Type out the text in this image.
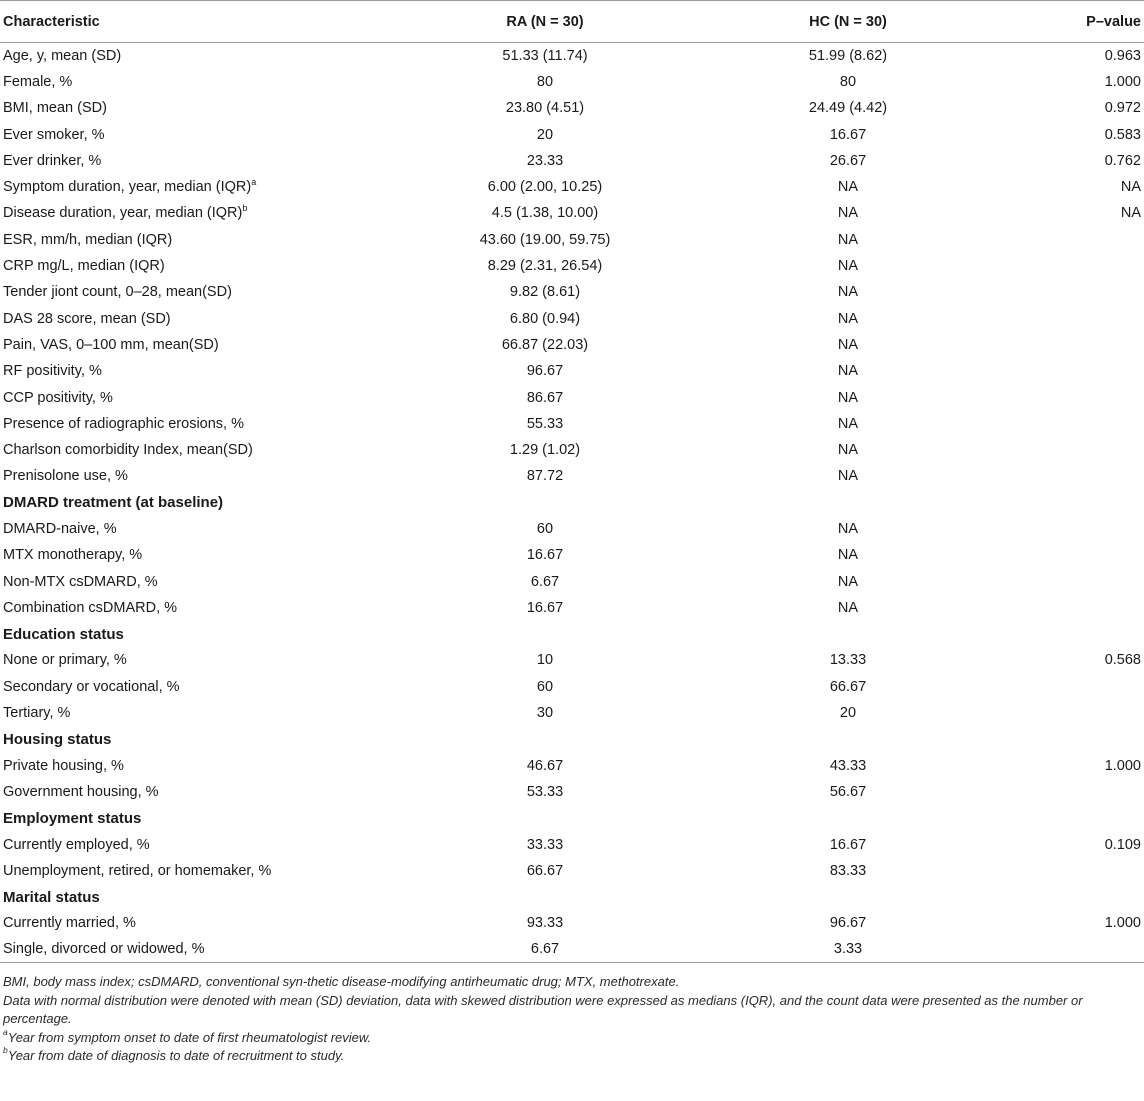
Characteristic	RA (N = 30)	HC (N = 30)	P–value
Age, y, mean (SD)	51.33 (11.74)	51.99 (8.62)	0.963
Female, %	80	80	1.000
BMI, mean (SD)	23.80 (4.51)	24.49 (4.42)	0.972
Ever smoker, %	20	16.67	0.583
Ever drinker, %	23.33	26.67	0.762
Symptom duration, year, median (IQR)$^a$	6.00 (2.00, 10.25)	NA	NA
Disease duration, year, median (IQR)$^b$	4.5 (1.38, 10.00)	NA	NA
ESR, mm/h, median (IQR)	43.60 (19.00, 59.75)	NA	
CRP mg/L, median (IQR)	8.29 (2.31, 26.54)	NA	
Tender jiont count, 0–28, mean(SD)	9.82 (8.61)	NA	
DAS 28 score, mean (SD)	6.80 (0.94)	NA	
Pain, VAS, 0–100 mm, mean(SD)	66.87 (22.03)	NA	
RF positivity, %	96.67	NA	
CCP positivity, %	86.67	NA	
Presence of radiographic erosions, %	55.33	NA	
Charlson comorbidity Index, mean(SD)	1.29 (1.02)	NA	
Prenisolone use, %	87.72	NA	
DMARD treatment (at baseline)			
DMARD-naive, %	60	NA	
MTX monotherapy, %	16.67	NA	
Non-MTX csDMARD, %	6.67	NA	
Combination csDMARD, %	16.67	NA	
Education status			
None or primary, %	10	13.33	0.568
Secondary or vocational, %	60	66.67	
Tertiary, %	30	20	
Housing status			
Private housing, %	46.67	43.33	1.000
Government housing, %	53.33	56.67	
Employment status			
Currently employed, %	33.33	16.67	0.109
Unemployment, retired, or homemaker, %	66.67	83.33	
Marital status			
Currently married, %	93.33	96.67	1.000
Single, divorced or widowed, %	6.67	3.33	

BMI, body mass index; csDMARD, conventional syn-thetic disease-modifying antirheumatic drug; MTX, methotrexate.

Data with normal distribution were denoted with mean (SD) deviation, data with skewed distribution were expressed as medians (IQR), and the count data were presented as the number or percentage.

$^a$Year from symptom onset to date of first rheumatologist review.

$^b$Year from date of diagnosis to date of recruitment to study.
